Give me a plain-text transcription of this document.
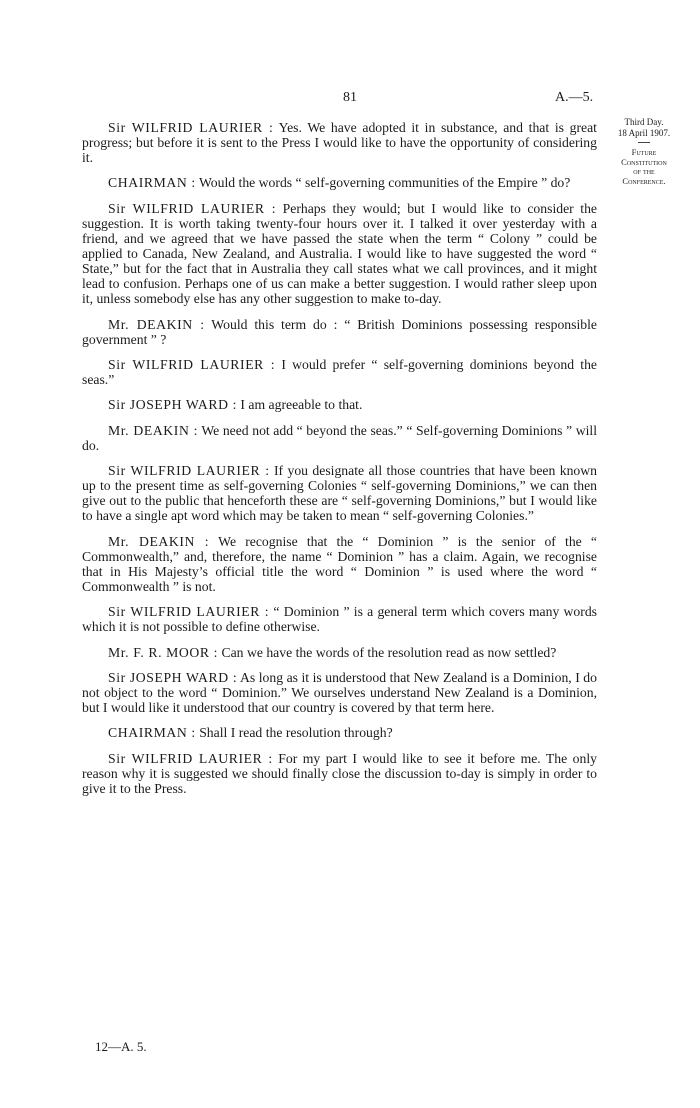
81	A.—5.
Third Day.
18 April 1907.
Future
Constitution
of the
Conference.

Sir WILFRID LAURIER : Yes. We have adopted it in substance, and that is great progress; but before it is sent to the Press I would like to have the opportunity of considering it.

CHAIRMAN : Would the words “ self-governing communities of the Empire ” do?

Sir WILFRID LAURIER : Perhaps they would; but I would like to consider the suggestion. It is worth taking twenty-four hours over it. I talked it over yesterday with a friend, and we agreed that we have passed the state when the term “ Colony ” could be applied to Canada, New Zealand, and Australia. I would like to have suggested the word “ State,” but for the fact that in Australia they call states what we call provinces, and it might lead to confusion. Perhaps one of us can make a better suggestion. I would rather sleep upon it, unless somebody else has any other suggestion to make to-day.

Mr. DEAKIN : Would this term do : “ British Dominions possessing responsible government ” ?

Sir WILFRID LAURIER : I would prefer “ self-governing dominions beyond the seas.”

Sir JOSEPH WARD : I am agreeable to that.

Mr. DEAKIN : We need not add “ beyond the seas.” “ Self-governing Dominions ” will do.

Sir WILFRID LAURIER : If you designate all those countries that have been known up to the present time as self-governing Colonies “ self-governing Dominions,” we can then give out to the public that henceforth these are “ self-governing Dominions,” but I would like to have a single apt word which may be taken to mean “ self-governing Colonies.”

Mr. DEAKIN : We recognise that the “ Dominion ” is the senior of the “ Commonwealth,” and, therefore, the name “ Dominion ” has a claim. Again, we recognise that in His Majesty’s official title the word “ Dominion ” is used where the word “ Commonwealth ” is not.

Sir WILFRID LAURIER : “ Dominion ” is a general term which covers many words which it is not possible to define otherwise.

Mr. F. R. MOOR : Can we have the words of the resolution read as now settled?

Sir JOSEPH WARD : As long as it is understood that New Zealand is a Dominion, I do not object to the word “ Dominion.” We ourselves understand New Zealand is a Dominion, but I would like it understood that our country is covered by that term here.

CHAIRMAN : Shall I read the resolution through?

Sir WILFRID LAURIER : For my part I would like to see it before me. The only reason why it is suggested we should finally close the discussion to-day is simply in order to give it to the Press.

12—A. 5.
